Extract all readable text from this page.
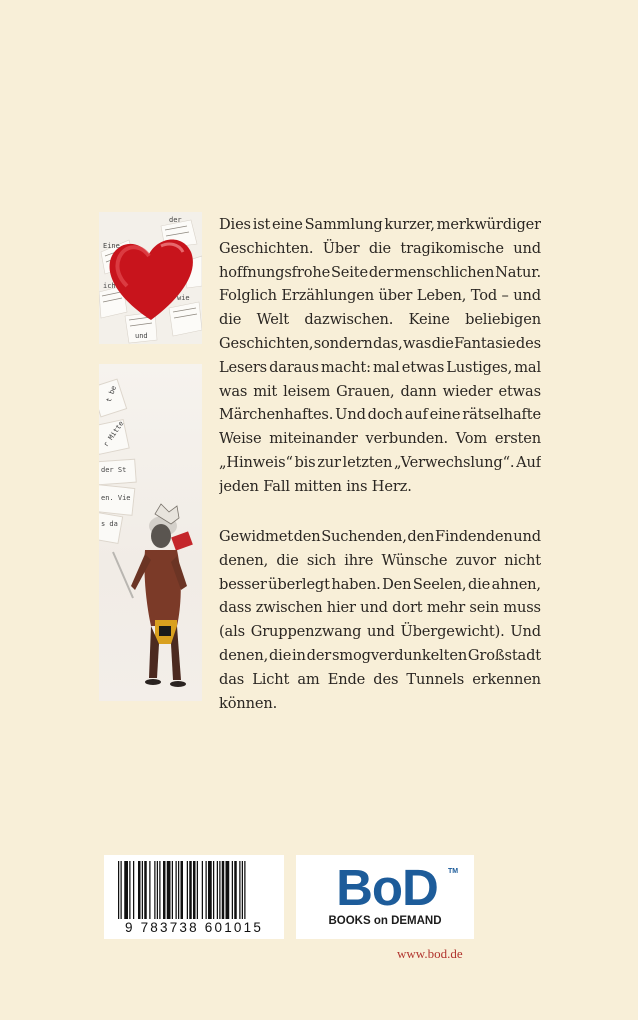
Eine
der
ich
wie
und
t be
r Mitte
der St
en. Vie
s da
Dies ist eine Sammlung kurzer, merkwürdiger
Geschichten. Über die tragikomische und
hoffnungsfrohe Seite der menschlichen Natur.
Folglich Erzählungen über Leben, Tod – und
die Welt dazwischen. Keine beliebigen
Geschichten, sondern das, was die Fantasie des
Lesers daraus macht: mal etwas Lustiges, mal
was mit leisem Grauen, dann wieder etwas
Märchenhaftes. Und doch auf eine rätselhafte
Weise miteinander verbunden. Vom ersten
„Hinweis“ bis zur letzten „Verwechslung“. Auf
jeden Fall mitten ins Herz.
Gewidmet den Suchenden, den Findenden und
denen, die sich ihre Wünsche zuvor nicht
besser überlegt haben. Den Seelen, die ahnen,
dass zwischen hier und dort mehr sein muss
(als Gruppenzwang und Übergewicht). Und
denen, die in der smogverdunkelten Großstadt
das Licht am Ende des Tunnels erkennen
können.
9 783738 601015
BoD	TM
BOOKS on DEMAND
www.bod.de
